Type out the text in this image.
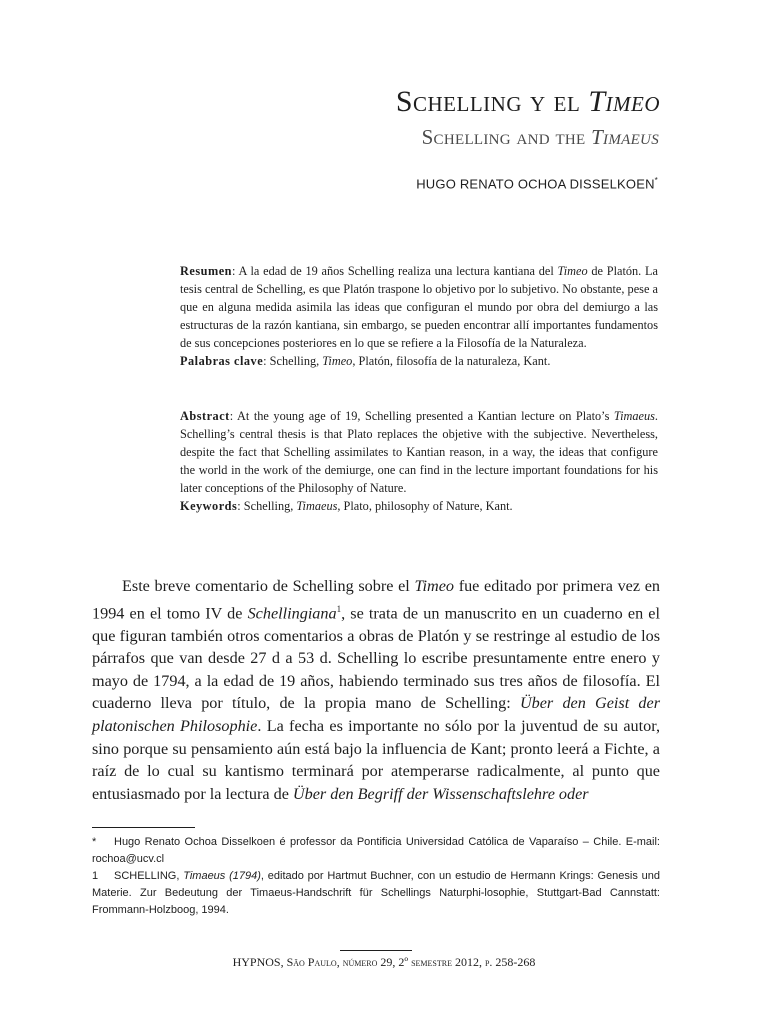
Schelling y el Timeo
Schelling and the Timaeus
HUGO RENATO OCHOA DISSELKOEN*

Resumen: A la edad de 19 años Schelling realiza una lectura kantiana del Timeo de Platón. La tesis central de Schelling, es que Platón traspone lo objetivo por lo subjetivo. No obstante, pese a que en alguna medida asimila las ideas que configuran el mundo por obra del demiurgo a las estructuras de la razón kantiana, sin embargo, se pueden encontrar allí importantes fundamentos de sus concepciones posteriores en lo que se refiere a la Filosofía de la Naturaleza.

Palabras clave: Schelling, Timeo, Platón, filosofía de la naturaleza, Kant.

Abstract: At the young age of 19, Schelling presented a Kantian lecture on Plato’s Timaeus. Schelling’s central thesis is that Plato replaces the objetive with the subjective. Nevertheless, despite the fact that Schelling assimilates to Kantian reason, in a way, the ideas that configure the world in the work of the demiurge, one can find in the lecture important foundations for his later conceptions of the Philosophy of Nature.

Keywords: Schelling, Timaeus, Plato, philosophy of Nature, Kant.

Este breve comentario de Schelling sobre el Timeo fue editado por primera vez en 1994 en el tomo IV de Schellingiana$^1$, se trata de un manuscrito en un cuaderno en el que figuran también otros comentarios a obras de Platón y se restringe al estudio de los párrafos que van desde 27 d a 53 d. Schelling lo escribe presuntamente entre enero y mayo de 1794, a la edad de 19 años, habiendo terminado sus tres años de filosofía. El cuaderno lleva por título, de la propia mano de Schelling: Über den Geist der platonischen Philosophie. La fecha es importante no sólo por la juventud de su autor, sino porque su pensamiento aún está bajo la influencia de Kant; pronto leerá a Fichte, a raíz de lo cual su kantismo terminará por atemperarse radicalmente, al punto que entusiasmado por la lectura de Über den Begriff der Wissenschaftslehre oder

* Hugo Renato Ochoa Disselkoen é professor da Pontificia Universidad Católica de Vaparaíso – Chile. E-mail: rochoa@ucv.cl

1 SCHELLING, Timaeus (1794), editado por Hartmut Buchner, con un estudio de Hermann Krings: Genesis und Materie. Zur Bedeutung der Timaeus-Handschrift für Schellings Naturphi-losophie, Stuttgart-Bad Cannstatt: Frommann-Holzboog, 1994.

HYPNOS, São Paulo, número 29, 2º semestre 2012, p. 258-268
